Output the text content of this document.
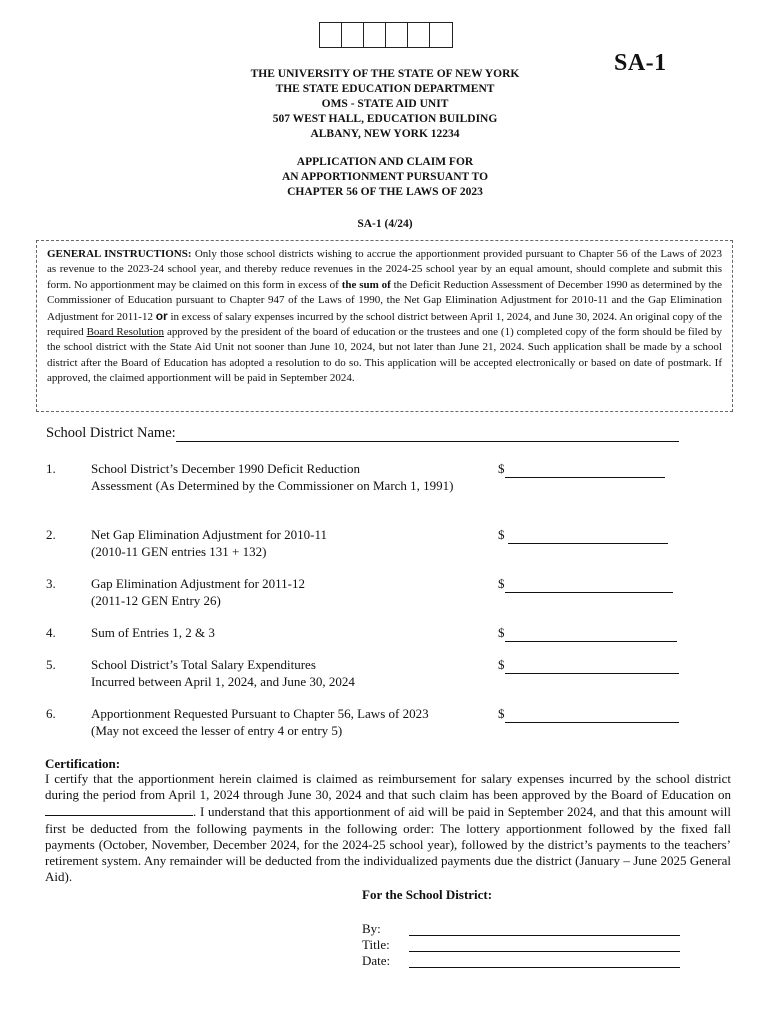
SA-1
THE UNIVERSITY OF THE STATE OF NEW YORK
THE STATE EDUCATION DEPARTMENT
OMS - STATE AID UNIT
507 WEST HALL, EDUCATION BUILDING
ALBANY, NEW YORK 12234
APPLICATION AND CLAIM FOR
AN APPORTIONMENT PURSUANT TO
CHAPTER 56 OF THE LAWS OF 2023
SA-1 (4/24)
GENERAL INSTRUCTIONS: Only those school districts wishing to accrue the apportionment provided pursuant to Chapter 56 of the Laws of 2023 as revenue to the 2023-24 school year, and thereby reduce revenues in the 2024-25 school year by an equal amount, should complete and submit this form. No apportionment may be claimed on this form in excess of the sum of the Deficit Reduction Assessment of December 1990 as determined by the Commissioner of Education pursuant to Chapter 947 of the Laws of 1990, the Net Gap Elimination Adjustment for 2010-11 and the Gap Elimination Adjustment for 2011-12 or in excess of salary expenses incurred by the school district between April 1, 2024, and June 30, 2024. An original copy of the required Board Resolution approved by the president of the board of education or the trustees and one (1) completed copy of the form should be filed by the school district with the State Aid Unit not sooner than June 10, 2024, but not later than June 21, 2024. Such application shall be made by a school district after the Board of Education has adopted a resolution to do so. This application will be accepted electronically or based on date of postmark. If approved, the claimed apportionment will be paid in September 2024.
School District Name:
1.	School District’s December 1990 Deficit Reduction
Assessment (As Determined by the Commissioner on March 1, 1991)
$
2.	Net Gap Elimination Adjustment for 2010-11
(2010-11 GEN entries 131 + 132)
$
3.	Gap Elimination Adjustment for 2011-12
(2011-12 GEN Entry 26)
$
4.	Sum of Entries 1, 2 & 3	$
5.	School District’s Total Salary Expenditures
Incurred between April 1, 2024, and June 30, 2024
$
6.	Apportionment Requested Pursuant to Chapter 56, Laws of 2023
(May not exceed the lesser of entry 4 or entry 5)
$
Certification:
I certify that the apportionment herein claimed is claimed as reimbursement for salary expenses incurred by the school district during the period from April 1, 2024 through June 30, 2024 and that such claim has been approved by the Board of Education on . I understand that this apportionment of aid will be paid in September 2024, and that this amount will first be deducted from the following payments in the following order: The lottery apportionment followed by the fixed fall payments (October, November, December 2024, for the 2024-25 school year), followed by the district’s payments to the teachers’ retirement system. Any remainder will be deducted from the individualized payments due the district (January – June 2025 General Aid).
For the School District:
By:
Title:
Date:
